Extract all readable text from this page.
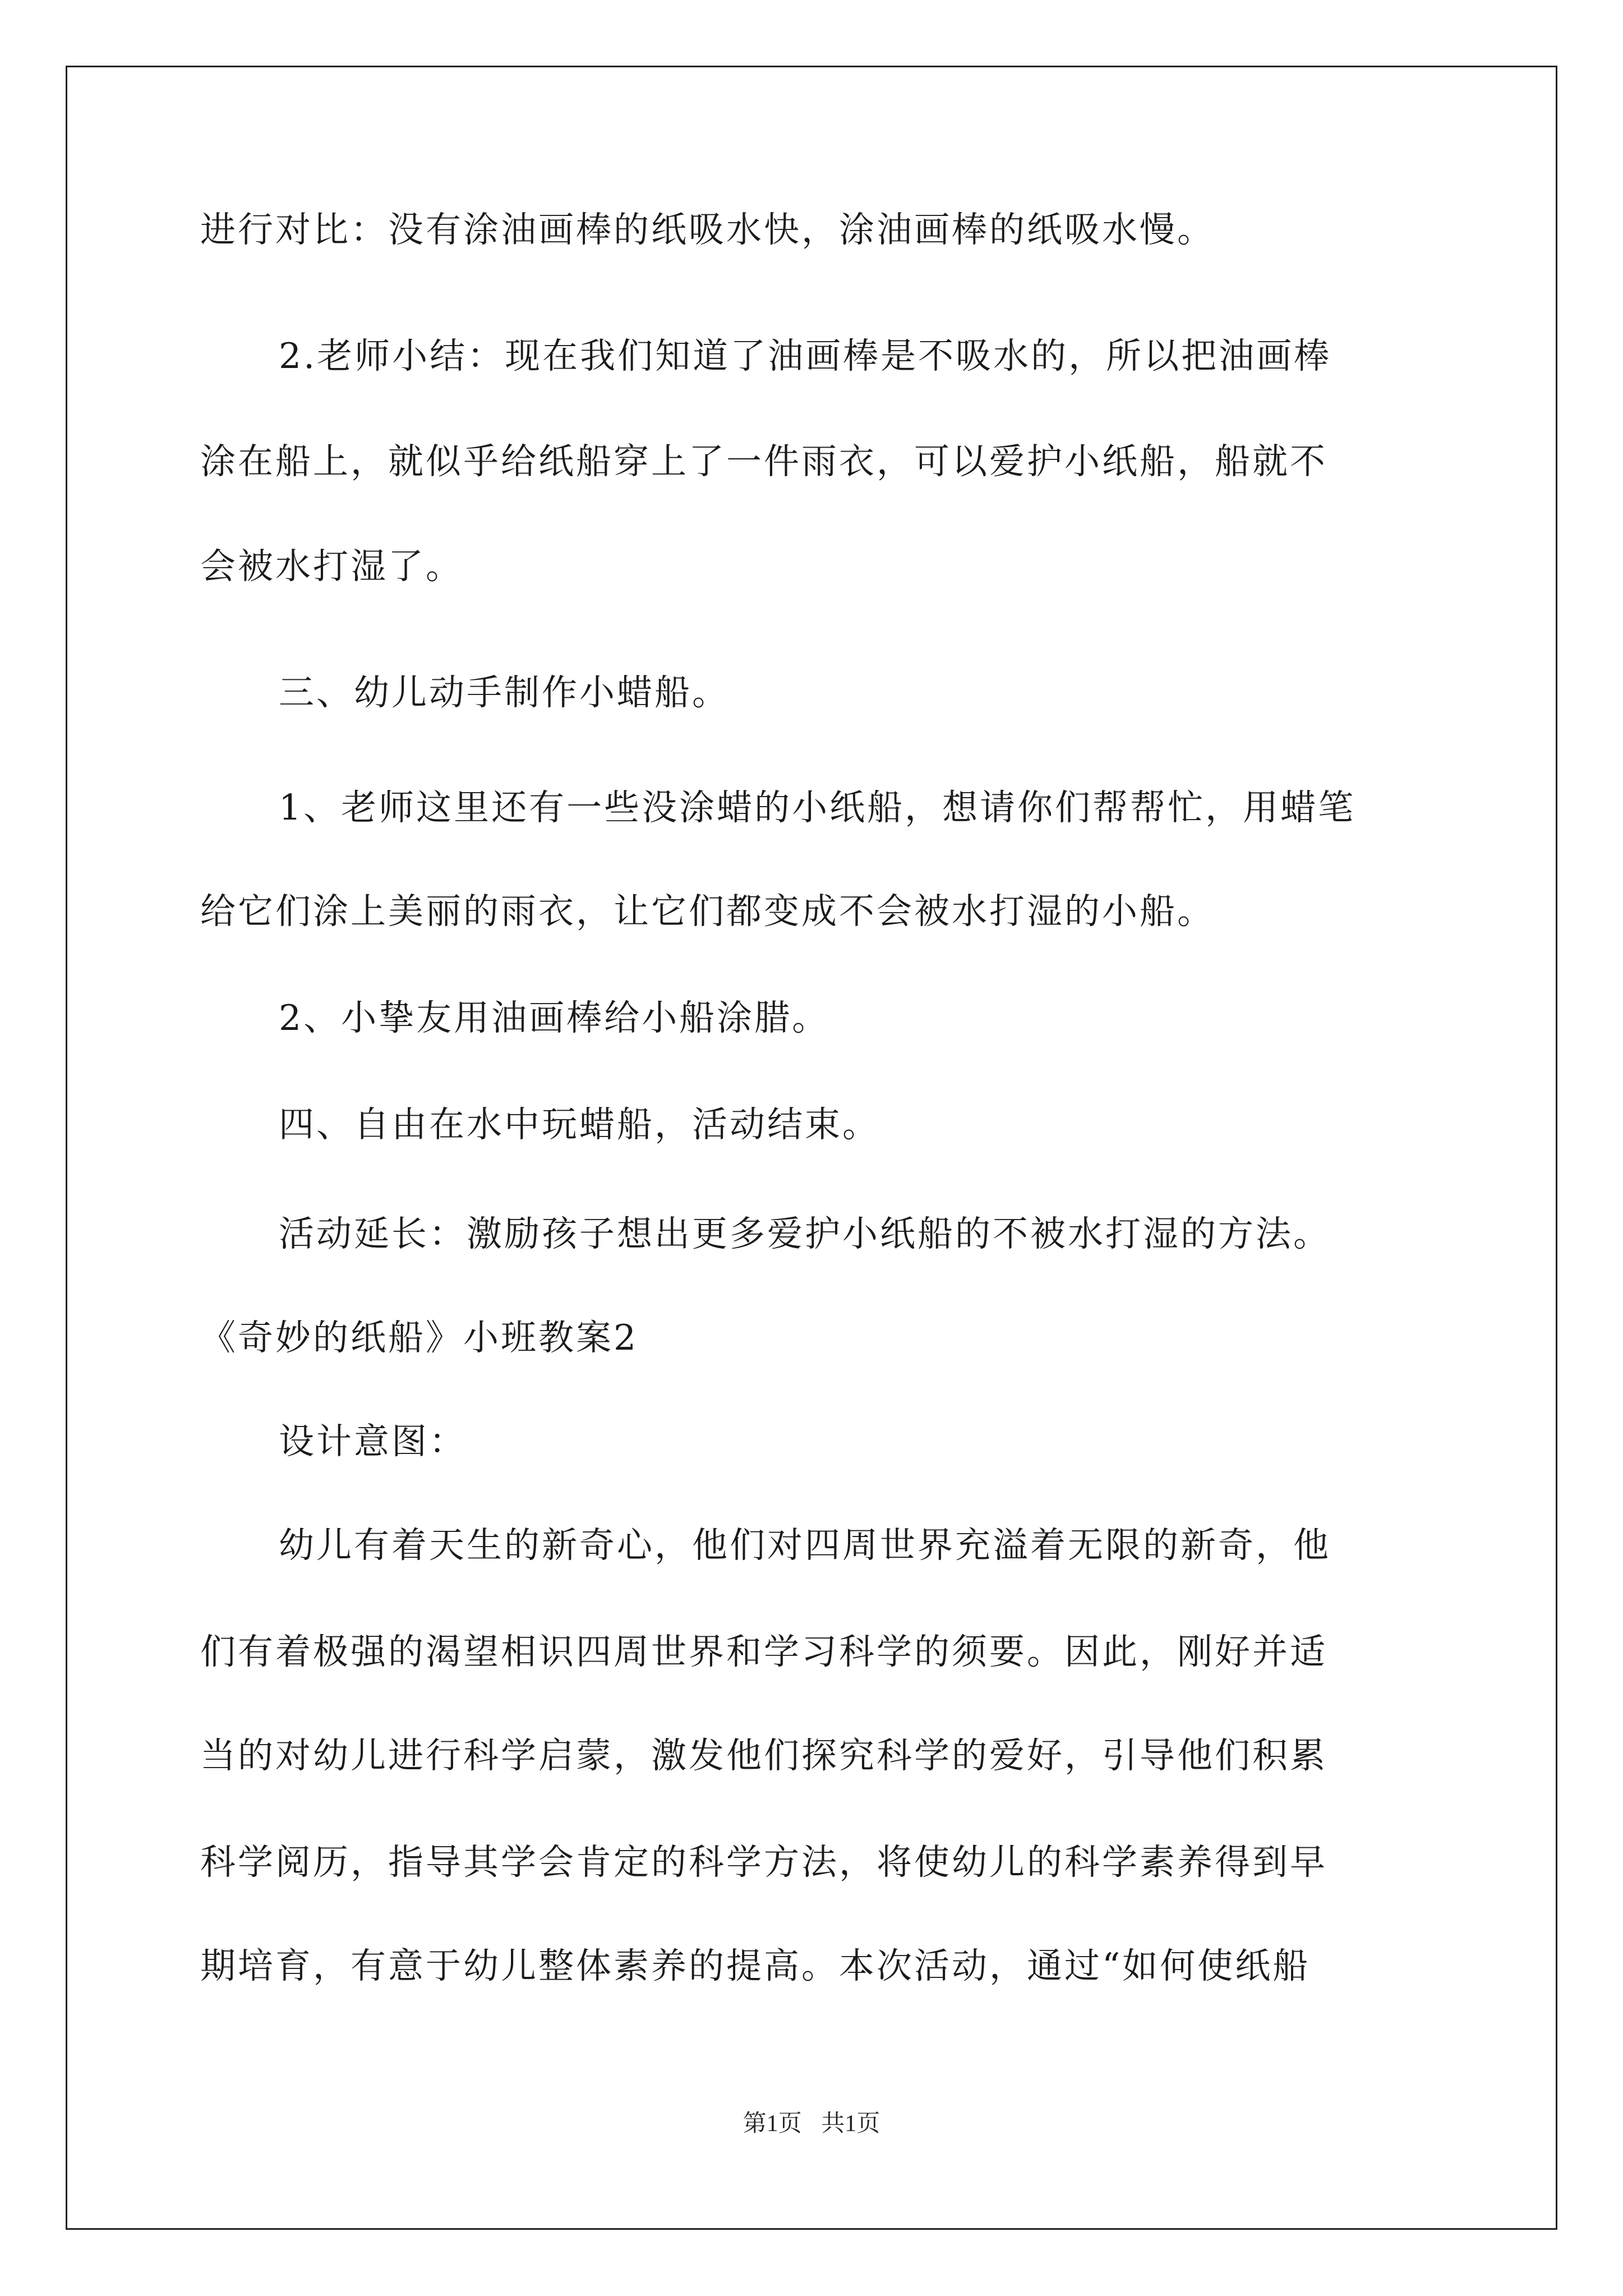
进行对比：没有涂油画棒的纸吸水快，涂油画棒的纸吸水慢。
2.老师小结：现在我们知道了油画棒是不吸水的，所以把油画棒
涂在船上，就似乎给纸船穿上了一件雨衣，可以爱护小纸船，船就不
会被水打湿了。
三、幼儿动手制作小蜡船。
1、老师这里还有一些没涂蜡的小纸船，想请你们帮帮忙，用蜡笔
给它们涂上美丽的雨衣，让它们都变成不会被水打湿的小船。
2、小挚友用油画棒给小船涂腊。
四、自由在水中玩蜡船，活动结束。
活动延长：激励孩子想出更多爱护小纸船的不被水打湿的方法。
《奇妙的纸船》小班教案2
设计意图：
幼儿有着天生的新奇心，他们对四周世界充溢着无限的新奇，他
们有着极强的渴望相识四周世界和学习科学的须要。因此，刚好并适
当的对幼儿进行科学启蒙，激发他们探究科学的爱好，引导他们积累
科学阅历，指导其学会肯定的科学方法，将使幼儿的科学素养得到早
期培育，有意于幼儿整体素养的提高。本次活动，通过“如何使纸船
第1页 共1页
